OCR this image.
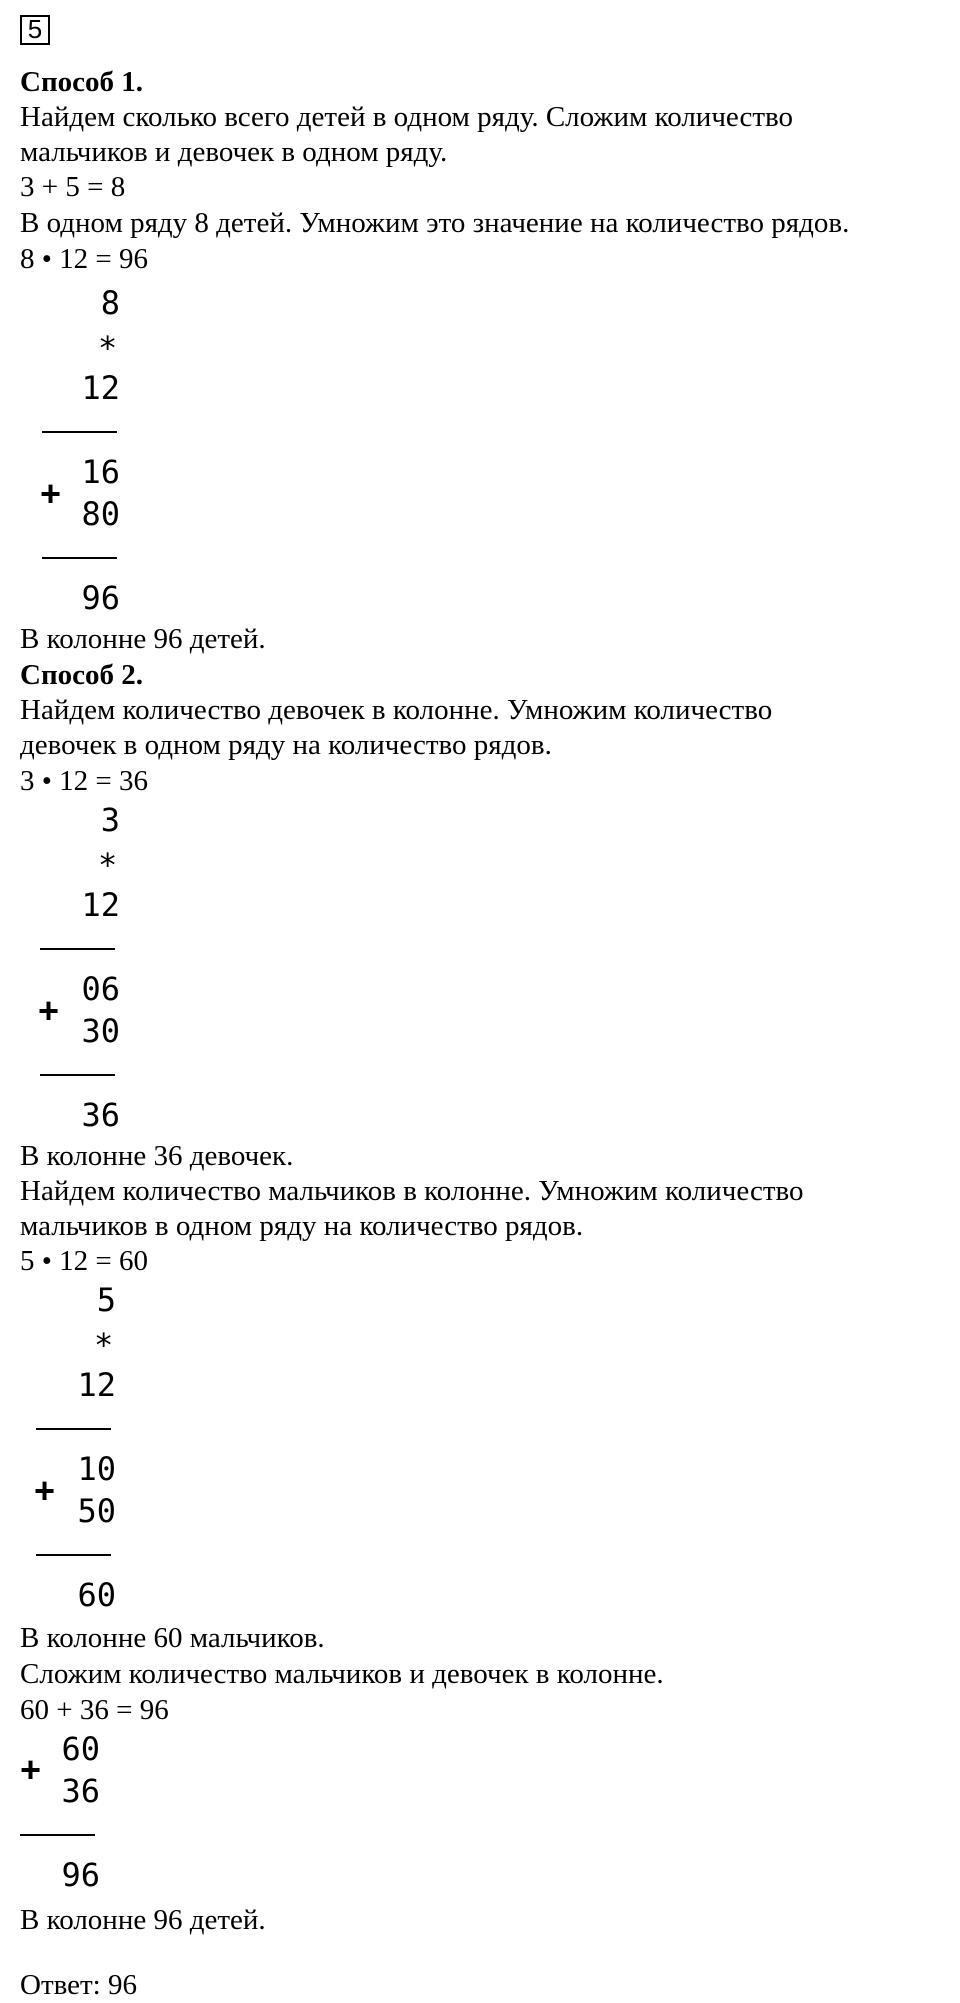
5
Способ 1.
Найдем сколько всего детей в одном ряду. Сложим количество
мальчиков и девочек в одном ряду.
3 + 5 = 8
В одном ряду 8 детей. Умножим это значение на количество рядов.
8 • 12 = 96
8
*
12
+
16
80
96
В колонне 96 детей.
Способ 2.
Найдем количество девочек в колонне. Умножим количество
девочек в одном ряду на количество рядов.
3 • 12 = 36
3
*
12
+
06
30
36
В колонне 36 девочек.
Найдем количество мальчиков в колонне. Умножим количество
мальчиков в одном ряду на количество рядов.
5 • 12 = 60
5
*
12
+
10
50
60
В колонне 60 мальчиков.
Сложим количество мальчиков и девочек в колонне.
60 + 36 = 96
+ 60
36
96
В колонне 96 детей.
Ответ: 96
